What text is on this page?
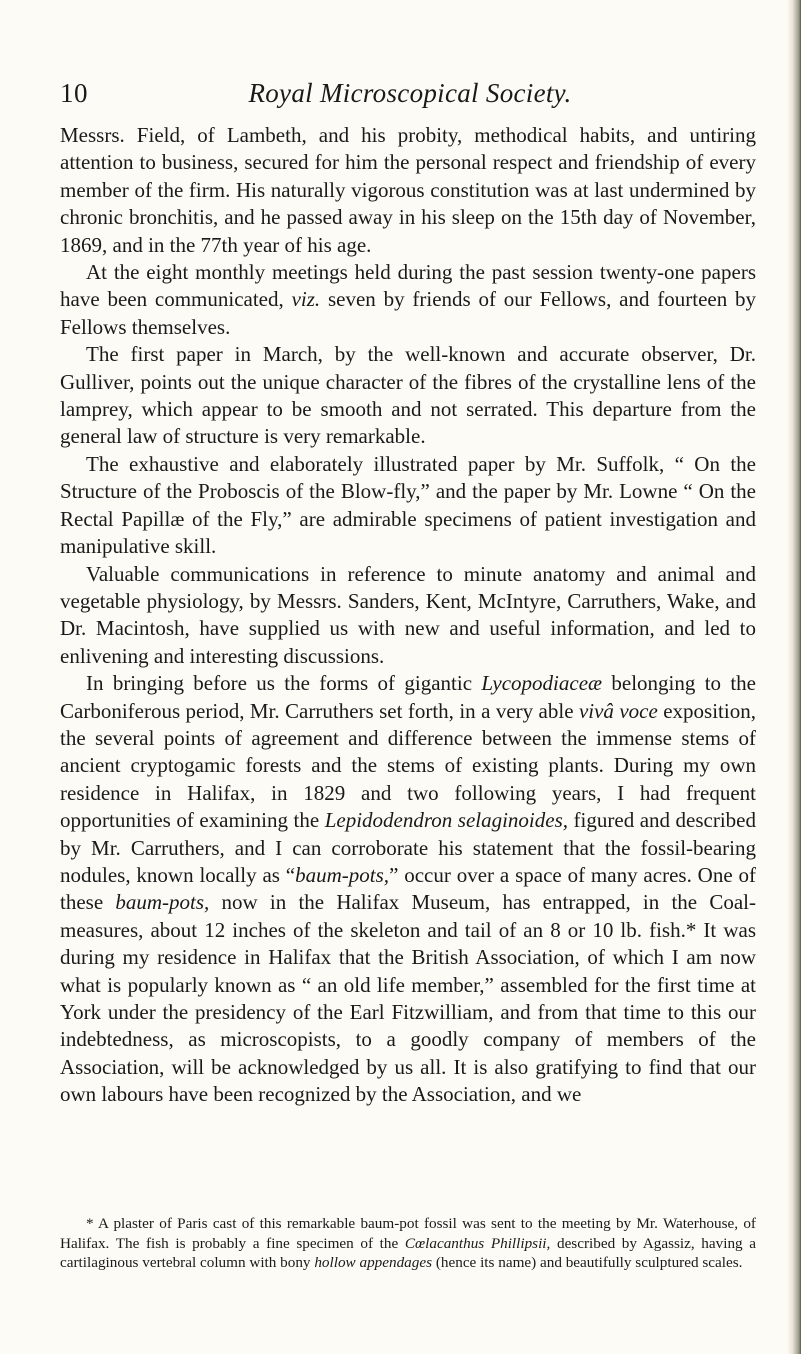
10	Royal Microscopical Society.

Messrs. Field, of Lambeth, and his probity, methodical habits, and untiring attention to business, secured for him the personal respect and friendship of every member of the firm. His naturally vigorous constitution was at last undermined by chronic bronchitis, and he passed away in his sleep on the 15th day of November, 1869, and in the 77th year of his age.

At the eight monthly meetings held during the past session twenty-one papers have been communicated, viz. seven by friends of our Fellows, and fourteen by Fellows themselves.

The first paper in March, by the well-known and accurate observer, Dr. Gulliver, points out the unique character of the fibres of the crystalline lens of the lamprey, which appear to be smooth and not serrated. This departure from the general law of structure is very remarkable.

The exhaustive and elaborately illustrated paper by Mr. Suffolk, “ On the Structure of the Proboscis of the Blow-fly,” and the paper by Mr. Lowne “ On the Rectal Papillæ of the Fly,” are admirable specimens of patient investigation and manipulative skill.

Valuable communications in reference to minute anatomy and animal and vegetable physiology, by Messrs. Sanders, Kent, McIntyre, Carruthers, Wake, and Dr. Macintosh, have supplied us with new and useful information, and led to enlivening and interesting discussions.

In bringing before us the forms of gigantic Lycopodiaceæ belonging to the Carboniferous period, Mr. Carruthers set forth, in a very able vivâ voce exposition, the several points of agreement and difference between the immense stems of ancient cryptogamic forests and the stems of existing plants. During my own residence in Halifax, in 1829 and two following years, I had frequent opportunities of examining the Lepidodendron selaginoides, figured and described by Mr. Carruthers, and I can corroborate his statement that the fossil-bearing nodules, known locally as “baum-pots,” occur over a space of many acres. One of these baum-pots, now in the Halifax Museum, has entrapped, in the Coal-measures, about 12 inches of the skeleton and tail of an 8 or 10 lb. fish.* It was during my residence in Halifax that the British Association, of which I am now what is popularly known as “ an old life member,” assembled for the first time at York under the presidency of the Earl Fitzwilliam, and from that time to this our indebtedness, as microscopists, to a goodly company of members of the Association, will be acknowledged by us all. It is also gratifying to find that our own labours have been recognized by the Association, and we

* A plaster of Paris cast of this remarkable baum-pot fossil was sent to the meeting by Mr. Waterhouse, of Halifax. The fish is probably a fine specimen of the Cœlacanthus Phillipsii, described by Agassiz, having a cartilaginous vertebral column with bony hollow appendages (hence its name) and beautifully sculptured scales.
